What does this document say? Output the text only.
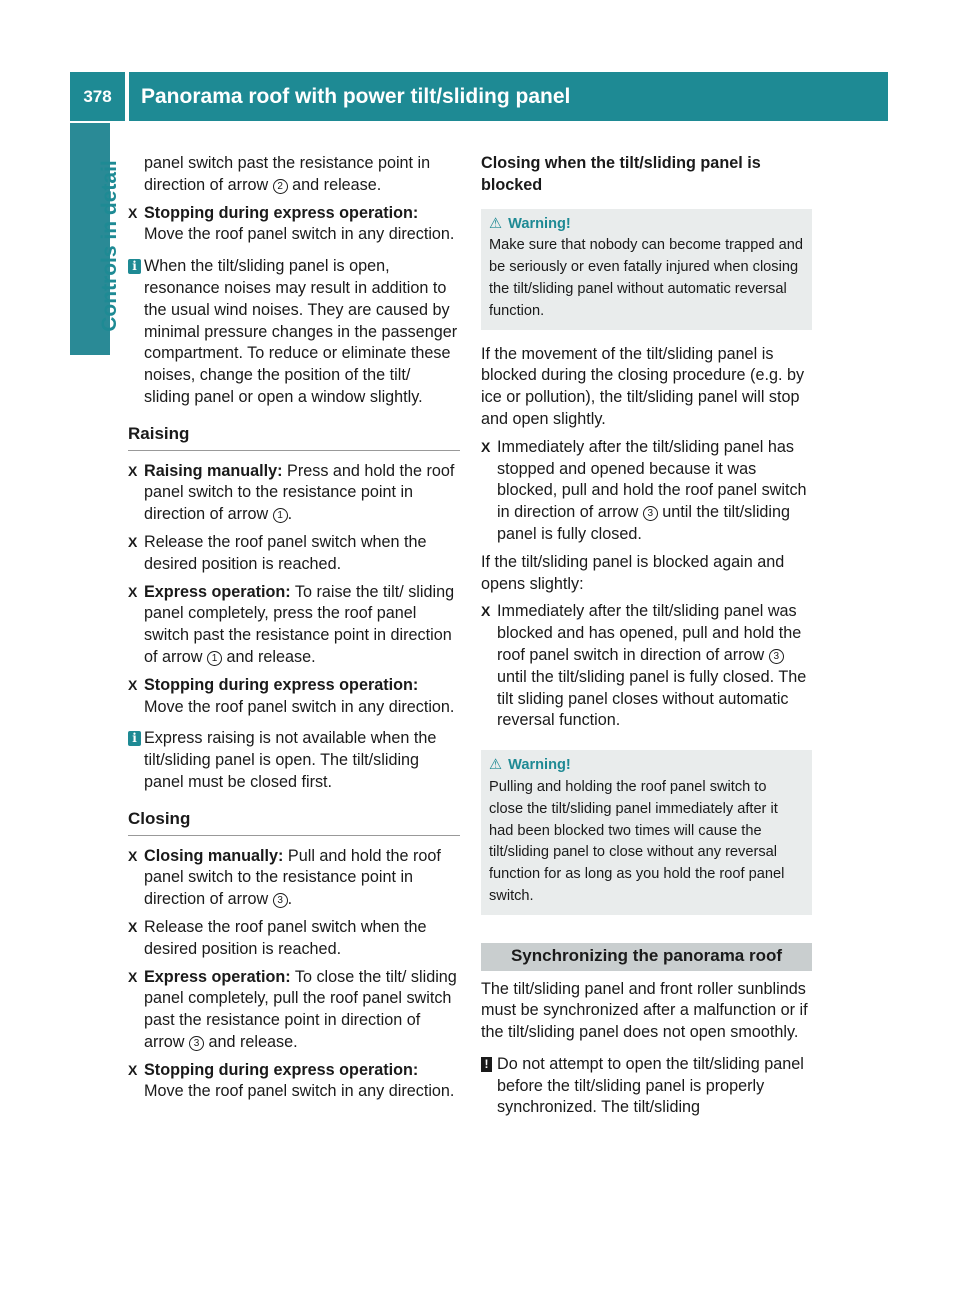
378	Panorama roof with power tilt/sliding panel
Controls in detail panel switch past the resistance point in direction of arrow 2 and release.
X Stopping during express operation:
Move the roof panel switch in any direction.
i When the tilt/sliding panel is open, resonance noises may result in addition to the usual wind noises. They are caused by minimal pressure changes in the passenger compartment. To reduce or eliminate these noises, change the position of the tilt/ sliding panel or open a window slightly.
Raising
X Raising manually: Press and hold the roof panel switch to the resistance point in direction of arrow 1 .
X Release the roof panel switch when the desired position is reached.
X Express operation: To raise the tilt/ sliding panel completely, press the roof panel switch past the resistance point in direction of arrow 1 and release.
X Stopping during express operation:
Move the roof panel switch in any direction.
i Express raising is not available when the tilt/sliding panel is open. The tilt/sliding panel must be closed first.
Closing
X Closing manually: Pull and hold the roof panel switch to the resistance point in direction of arrow 3 .
X Release the roof panel switch when the desired position is reached.
X Express operation: To close the tilt/ sliding panel completely, pull the roof panel switch past the resistance point in direction of arrow 3 and release.
X Stopping during express operation:
Move the roof panel switch in any direction.
Closing when the tilt/sliding panel is blocked
⚠ Warning!
Make sure that nobody can become trapped and be seriously or even fatally injured when closing the tilt/sliding panel without automatic reversal function.

If the movement of the tilt/sliding panel is blocked during the closing procedure (e.g. by ice or pollution), the tilt/sliding panel will stop and open slightly.

X Immediately after the tilt/sliding panel has stopped and opened because it was blocked, pull and hold the roof panel switch in direction of arrow 3 until the tilt/sliding panel is fully closed.

If the tilt/sliding panel is blocked again and opens slightly:

X Immediately after the tilt/sliding panel was blocked and has opened, pull and hold the roof panel switch in direction of arrow 3 until the tilt/sliding panel is fully closed. The tilt sliding panel closes without automatic reversal function.
⚠ Warning!
Pulling and holding the roof panel switch to close the tilt/sliding panel immediately after it had been blocked two times will cause the tilt/sliding panel to close without any reversal function for as long as you hold the roof panel switch.
Synchronizing the panorama roof

The tilt/sliding panel and front roller sunblinds must be synchronized after a malfunction or if the tilt/sliding panel does not open smoothly.

! Do not attempt to open the tilt/sliding panel before the tilt/sliding panel is properly synchronized. The tilt/sliding
